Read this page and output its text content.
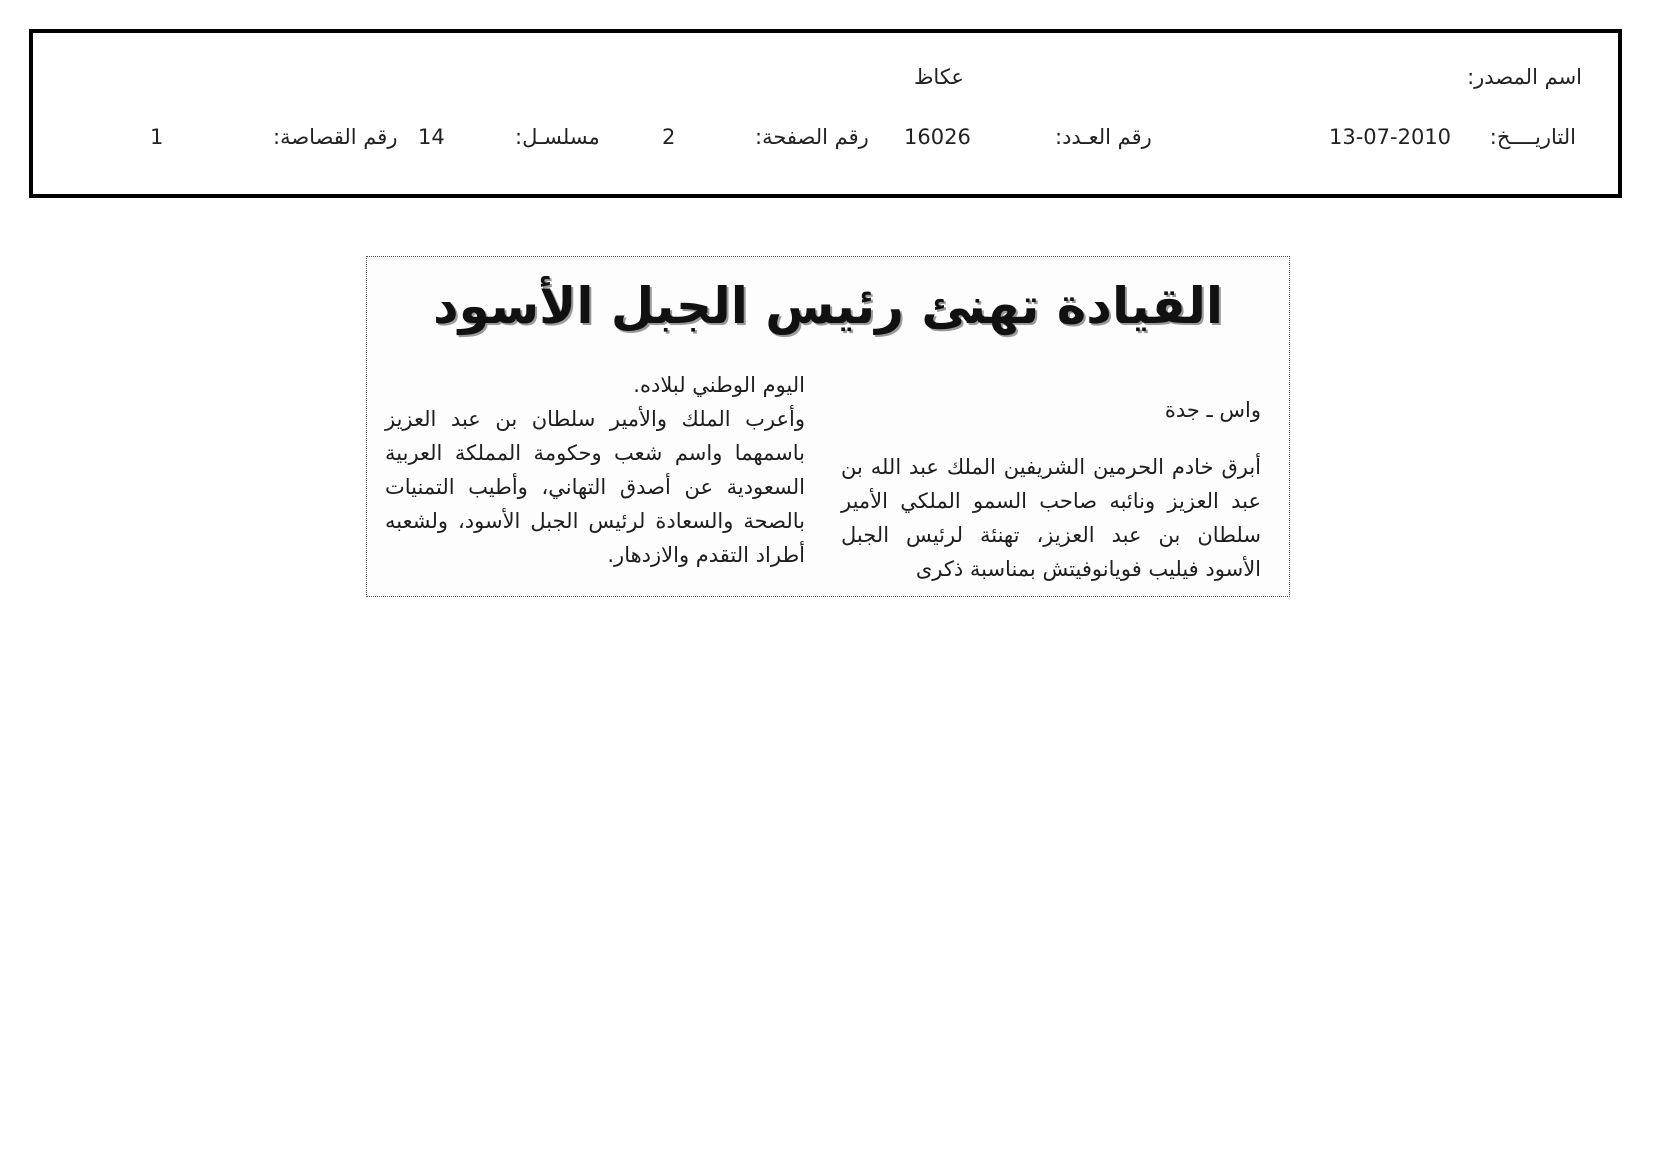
اسم المصدر:
عكاظ
التاريــــخ:
13-07-2010
رقم العـدد:
16026
رقم الصفحة:
2
مسلسـل:
14
رقم القصاصة:
1
القيادة تهنئ رئيس الجبل الأسود
واس ـ جدة
أبرق خادم الحرمين الشريفين الملك عبد الله بن عبد العزيز ونائبه صاحب السمو الملكي الأمير سلطان بن عبد العزيز، تهنئة لرئيس الجبل الأسود فيليب فويانوفيتش بمناسبة ذكرى
اليوم الوطني لبلاده.
وأعرب الملك والأمير سلطان بن عبد العزيز باسمهما واسم شعب وحكومة المملكة العربية السعودية عن أصدق التهاني، وأطيب التمنيات بالصحة والسعادة لرئيس الجبل الأسود، ولشعبه أطراد التقدم والازدهار.
